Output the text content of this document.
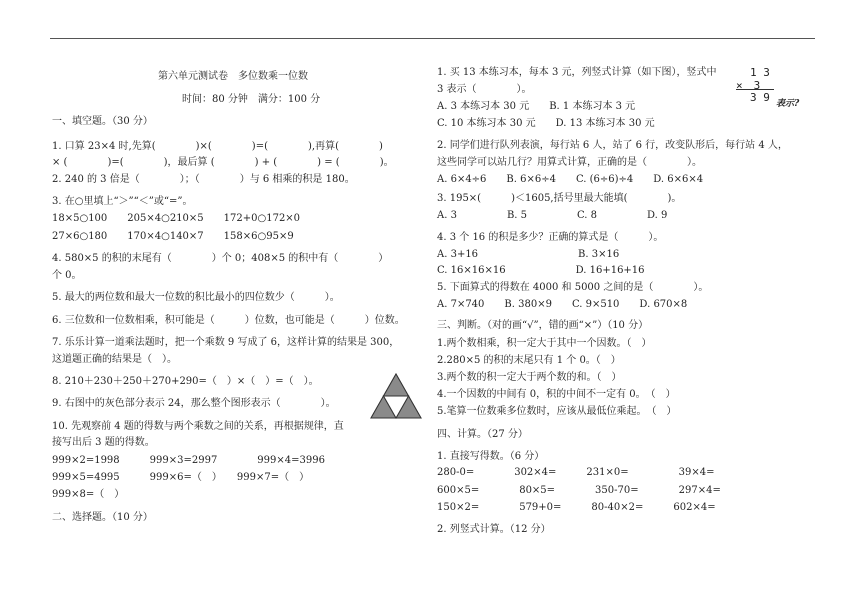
第六单元测试卷　多位数乘一位数
时间：80 分钟　满分：100 分
一、填空题。（30 分）
1. 口算 23×4 时,先算(　　　　)×(　　　　)=(　　　　),再算(　　　　)
× (　　　　)=(　　　　)，最后算 (　　　　) + (　　　　) = (　　　　)。
2. 240 的 3 倍是（　　　　）；（　　　　）与 6 相乘的积是 180。
3. 在○里填上“＞”“＜”或“=”。
18×5○100　　205×4○210×5　　172+0○172×0
27×6○180　　170×4○140×7　　158×6○95×9
4. 580×5 的积的末尾有（　　　　）个 0；408×5 的积中有（　　　　）
个 0。
5. 最大的两位数和最大一位数的积比最小的四位数少（　　　）。
6. 三位数和一位数相乘，积可能是（　　　）位数，也可能是（　　　）位数。
7. 乐乐计算一道乘法题时，把一个乘数 9 写成了 6，这样计算的结果是 300，
这道题正确的结果是（　）。
8. 210＋230＋250＋270+290=（　）×（　）=（　）。
9. 右图中的灰色部分表示 24，那么整个图形表示（　　　　）。
10. 先观察前 4 题的得数与两个乘数之间的关系，再根据规律，直
接写出后 3 题的得数。
999×2=1998　　　999×3=2997　　　　999×4=3996
999×5=4995　　　999×6=（　）　　999×7=（　）
999×8=（　）
二、选择题。（10 分）
1 3
×　3
3 9 表示?
1. 买 13 本练习本，每本 3 元，列竖式计算（如下图），竖式中
3 表示（　　　　）。
A. 3 本练习本 30 元　　B. 1 本练习本 3 元
C. 10 本练习本 30 元　　D. 13 本练习本 30 元
2. 同学们进行队列表演，每行站 6 人，站了 6 行，改变队形后，每行站 4 人，
这些同学可以站几行？用算式计算，正确的是（　　　　）。
A. 6×4÷6　　B. 6×6÷4　　C. (6÷6)÷4　　D. 6×6×4
3. 195×(　　　)＜1605,括号里最大能填(　　　　)。
A. 3　　　　　B. 5　　　　　C. 8　　　　　D. 9
4. 3 个 16 的积是多少？正确的算式是（　　　）。
A. 3+16　　　　　　　　　　B. 3×16
C. 16×16×16　　　　　　　D. 16+16+16
5. 下面算式的得数在 4000 和 5000 之间的是（　　　　）。
A. 7×740　　B. 380×9　　C. 9×510　　D. 670×8
三、判断。（对的画“√”，错的画“×”）（10 分）
1.两个数相乘，积一定大于其中一个因数。（　）
2.280×5 的积的末尾只有 1 个 0。（　）
3.两个数的积一定大于两个数的和。（　）
4.一个因数的中间有 0，积的中间不一定有 0。　（　）
5.笔算一位数乘多位数时，应该从最低位乘起。　（　）
四、计算。（27 分）
1. 直接写得数。（6 分）
280-0=　　　　302×4=　　　231×0=　　　　　39×4=
600×5=　　　　80×5=　　　　350-70=　　　　297×4=
150×2=　　　　579+0=　　　80-40×2=　　　602×4=
2. 列竖式计算。（12 分）
